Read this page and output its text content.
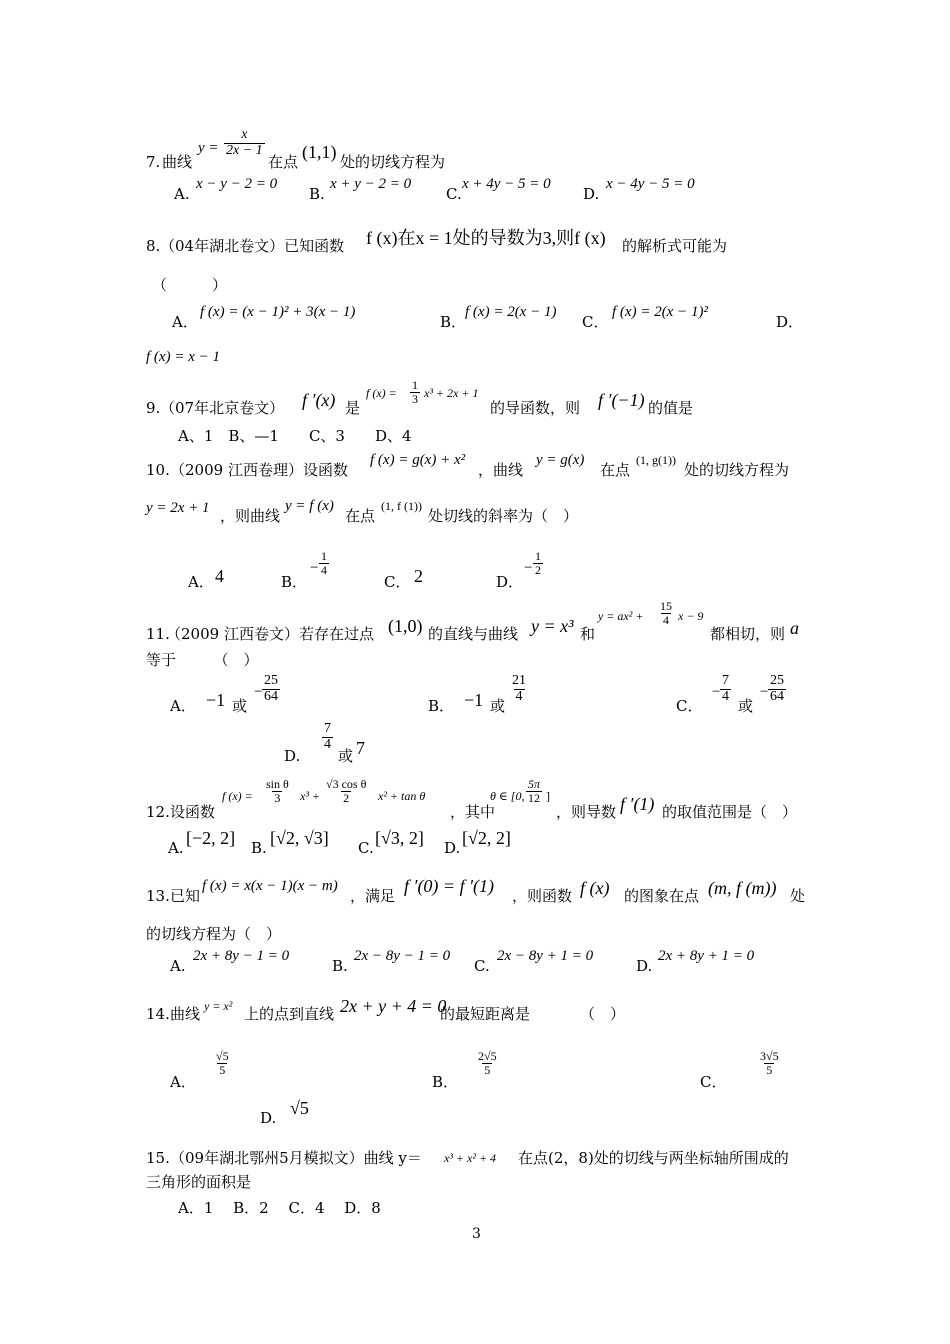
7. 曲线
$y = \frac{x}{2x - 1}$
在点 (1,1) 处的切线方程为
A.
x − y − 2 = 0
B.
x + y − 2 = 0
C.
x + 4y − 5 = 0
D.
x − 4y − 5 = 0
8. （04年湖北卷文）已知函数 f (x)在x = 1处的导数为3,则f (x) 的解析式可能为
（　　　）
A．
f (x) = (x − 1)² + 3(x − 1)
B．
f (x) = 2(x − 1)
C．
f (x) = 2(x − 1)²
D．
f (x) = x − 1
9. （07年北京卷文） f ′(x) 是
f $(x) = \frac{1}{3} x^3 + 2x + 1$
的导函数，则 f ′(−1) 的值是
A、1　B、—1　　C、3　　D、4
10. （2009 江西卷理）设函数
f (x) = g(x) + x²
，曲线
y = g(x)
在点
(1, g(1))
处的切线方程为
y = 2x + 1 ，则曲线
y = f (x)
在点
(1, f (1))
处切线的斜率为（　）
A． 4	B．
− $\frac{1}{4}$
C． 2	D．
− $\frac{1}{2}$
11.
（2009 江西卷文）若存在过点 (1,0) 的直线与曲线 y = x³ 和
$y = ax^2 + \frac{15}{4}$ x − 9
都相切，则 a
等于　　　（　）
A． −1 或
− $\frac{25}{64}$
B． −1 或
$\frac{21}{4}$
C．
− $\frac{7}{4}$
或
− $\frac{25}{64}$
D.
$\frac{7}{4}$
或 7
12. 设函数
f $(x) = \frac{\text{sin θ}}{3} x^3 + \frac{\text{√3 cos θ}}{2} x^2 + \tan \theta$
，其中
θ ∈ [0, $\frac{5\pi}{12}$ ]
，则导数 f ′(1) 的取值范围是（　）
A. [−2, 2] B. [√2, √3] C. [√3, 2] D. [√2, 2]
13. 已知
f (x) = x(x − 1)(x − m)
，满足 f ′(0) = f ′(1) ，则函数 f (x) 的图象在点 (m, f (m)) 处
的切线方程为（　）
A.
2x + 8y − 1 = 0
B.
2x − 8y − 1 = 0
C.
2x − 8y + 1 = 0
D.
2x + 8y + 1 = 0
14. 曲线 y = x² 上的点到直线 2x + y + 4 = 0
的最短距离是	（　）
A．
$\frac{√5}{5}$
B．
$\frac{2√5}{5}$
C．
$\frac{3√5}{5}$
D. √5
15. （09年湖北鄂州5月模拟文）曲线 y＝ x³ + x² + 4 在点(2，8)处的切线与两坐标轴所围成的
三角形的面积是
A．1　 B．2　 C．4　 D．8
3
